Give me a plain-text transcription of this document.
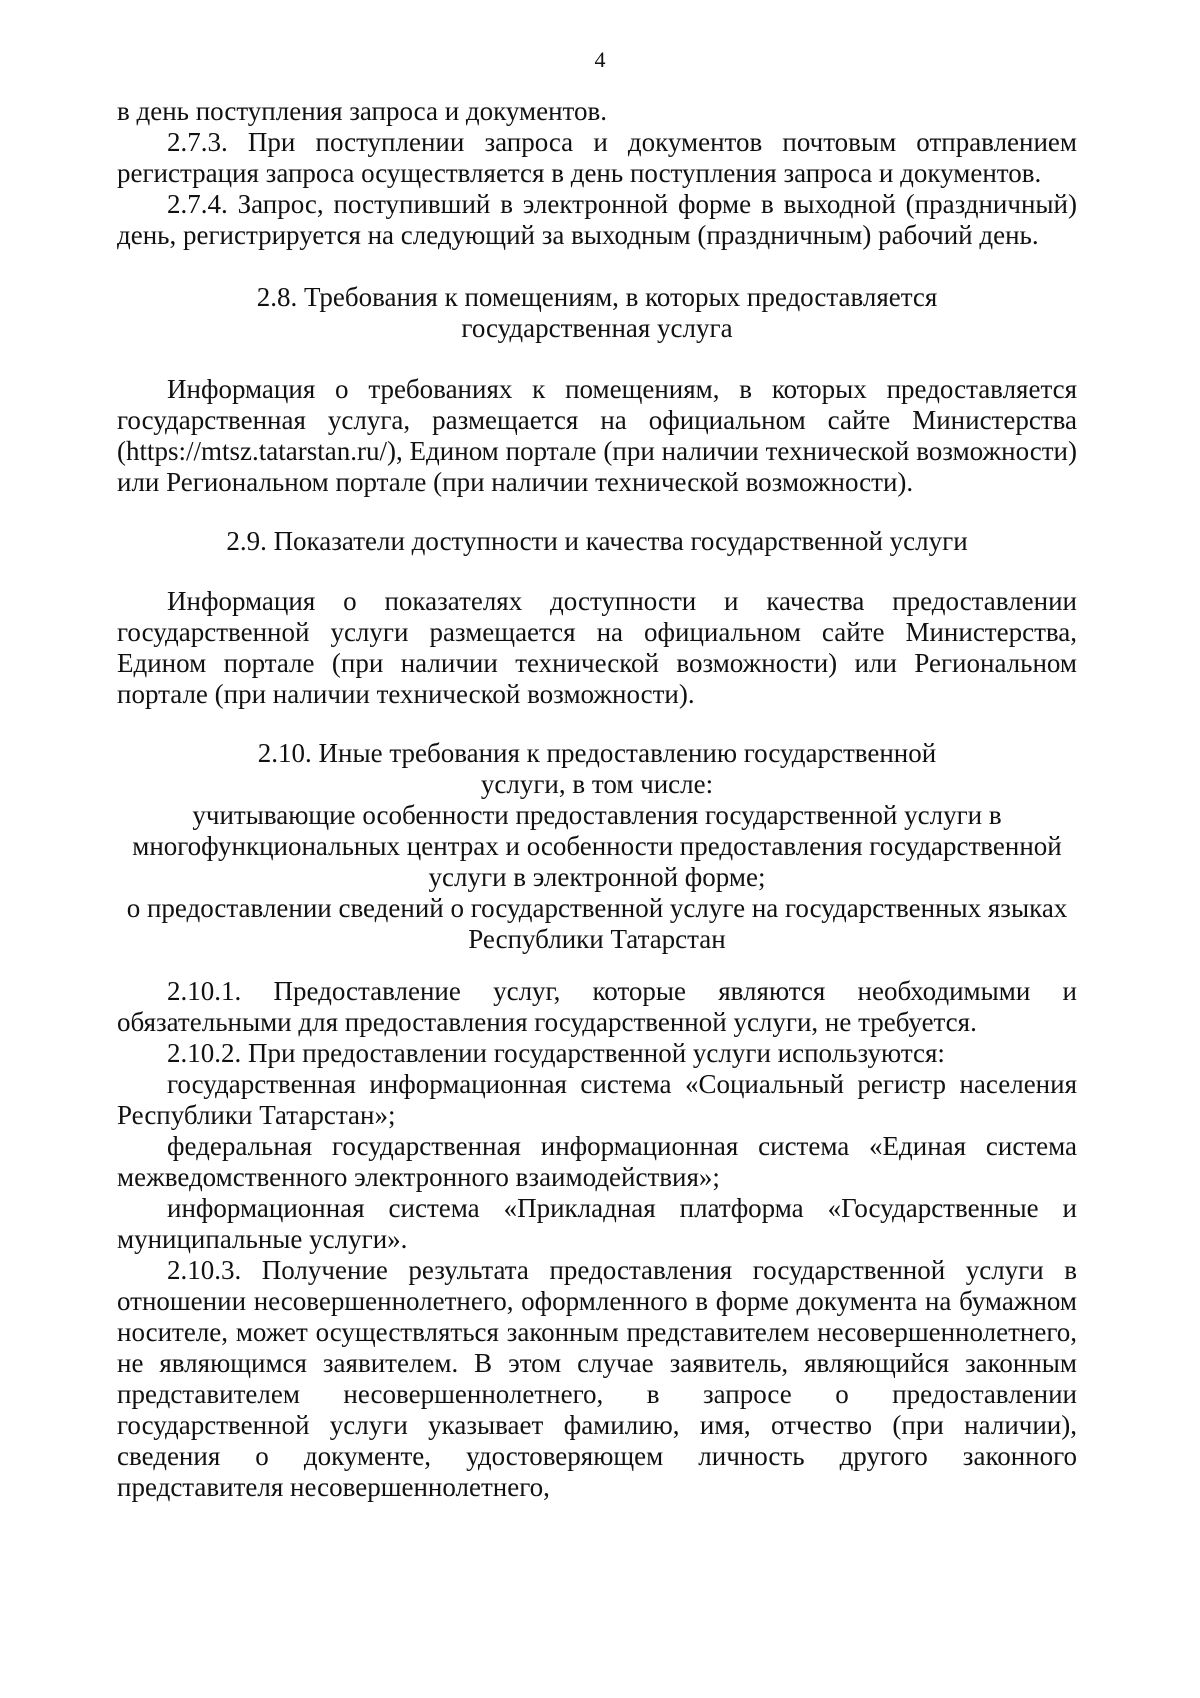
4

в день поступления запроса и документов.

2.7.3. При поступлении запроса и документов почтовым отправлением регистрация запроса осуществляется в день поступления запроса и документов.

2.7.4. Запрос, поступивший в электронной форме в выходной (праздничный) день, регистрируется на следующий за выходным (праздничным) рабочий день.

2.8. Требования к помещениям, в которых предоставляется

государственная услуга

Информация о требованиях к помещениям, в которых предоставляется государственная услуга, размещается на официальном сайте Министерства (https://mtsz.tatarstan.ru/), Едином портале (при наличии технической возможности) или Региональном портале (при наличии технической возможности).

2.9. Показатели доступности и качества государственной услуги

Информация о показателях доступности и качества предоставлении государственной услуги размещается на официальном сайте Министерства, Едином портале (при наличии технической возможности) или Региональном портале (при наличии технической возможности).

2.10. Иные требования к предоставлению государственной

услуги, в том числе:

учитывающие особенности предоставления государственной услуги в

многофункциональных центрах и особенности предоставления государственной

услуги в электронной форме;

о предоставлении сведений о государственной услуге на государственных языках

Республики Татарстан

2.10.1. Предоставление услуг, которые являются необходимыми и обязательными для предоставления государственной услуги, не требуется.

2.10.2. При предоставлении государственной услуги используются:

государственная информационная система «Социальный регистр населения Республики Татарстан»;

федеральная государственная информационная система «Единая система межведомственного электронного взаимодействия»;

информационная система «Прикладная платформа «Государственные и муниципальные услуги».

2.10.3. Получение результата предоставления государственной услуги в отношении несовершеннолетнего, оформленного в форме документа на бумажном носителе, может осуществляться законным представителем несовершеннолетнего, не являющимся заявителем. В этом случае заявитель, являющийся законным представителем несовершеннолетнего, в запросе о предоставлении государственной услуги указывает фамилию, имя, отчество (при наличии), сведения о документе, удостоверяющем личность другого законного представителя несовершеннолетнего,
